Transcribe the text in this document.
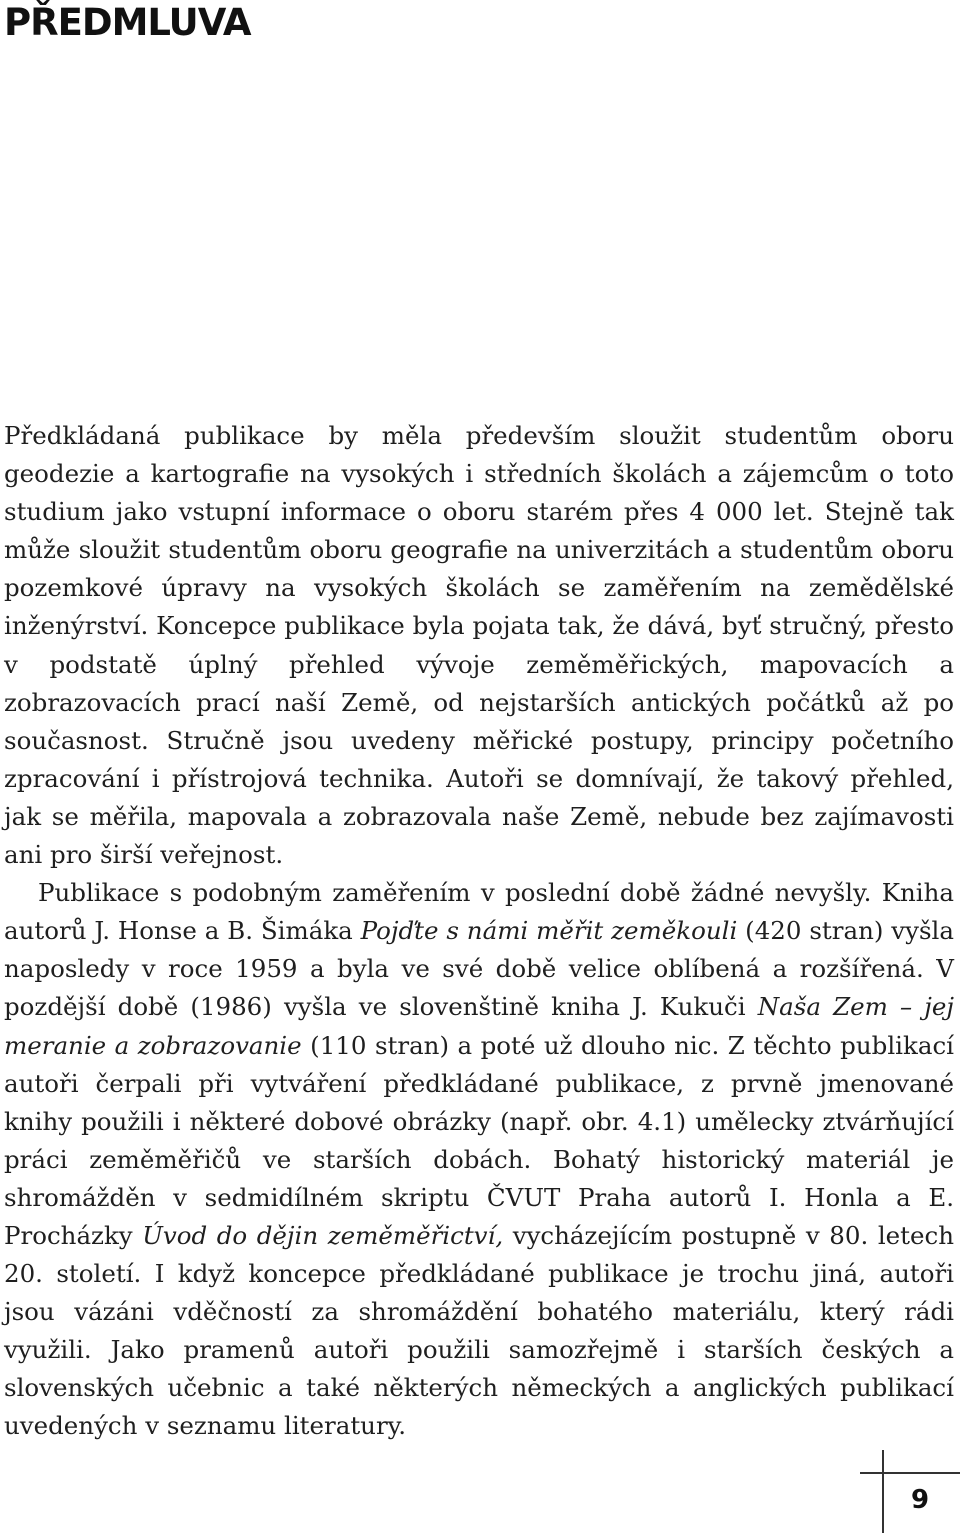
PŘEDMLUVA

Předkládaná publikace by měla především sloužit studentům oboru geodezie a kartografie na vysokých i středních školách a zájemcům o toto studium jako vstupní informace o oboru starém přes 4 000 let. Stejně tak může sloužit studentům oboru geografie na univerzitách a studentům oboru pozemkové úpravy na vysokých školách se zaměřením na zemědělské inženýrství. Koncepce publikace byla pojata tak, že dává, byť stručný, přesto v podstatě úplný přehled vývoje zeměměřických, mapovacích a zobrazovacích prací naší Země, od nejstarších antických počátků až po současnost. Stručně jsou uvedeny měřické postupy, principy početního zpracování i přístrojová technika. Autoři se domnívají, že takový přehled, jak se měřila, mapovala a zobrazovala naše Země, nebude bez zajímavosti ani pro širší veřejnost.

Publikace s podobným zaměřením v poslední době žádné nevyšly. Kniha autorů J. Honse a B. Šimáka Pojďte s námi měřit zeměkouli (420 stran) vyšla naposledy v roce 1959 a byla ve své době velice oblíbená a rozšířená. V pozdější době (1986) vyšla ve slovenštině kniha J. Kukuči Naša Zem – jej meranie a zobrazovanie (110 stran) a poté už dlouho nic. Z těchto publikací autoři čerpali při vytváření předkládané publikace, z prvně jmenované knihy použili i některé dobové obrázky (např. obr. 4.1) umělecky ztvárňující práci zeměměřičů ve starších dobách. Bohatý historický materiál je shromážděn v sedmidílném skriptu ČVUT Praha autorů I. Honla a E. Procházky Úvod do dějin zeměměřictví, vycházejícím postupně v 80. letech 20. století. I když koncepce předkládané publikace je trochu jiná, autoři jsou vázáni vděčností za shromáždění bohatého materiálu, který rádi využili. Jako pramenů autoři použili samozřejmě i starších českých a slovenských učebnic a také některých německých a anglických publikací uvedených v seznamu literatury.

9
